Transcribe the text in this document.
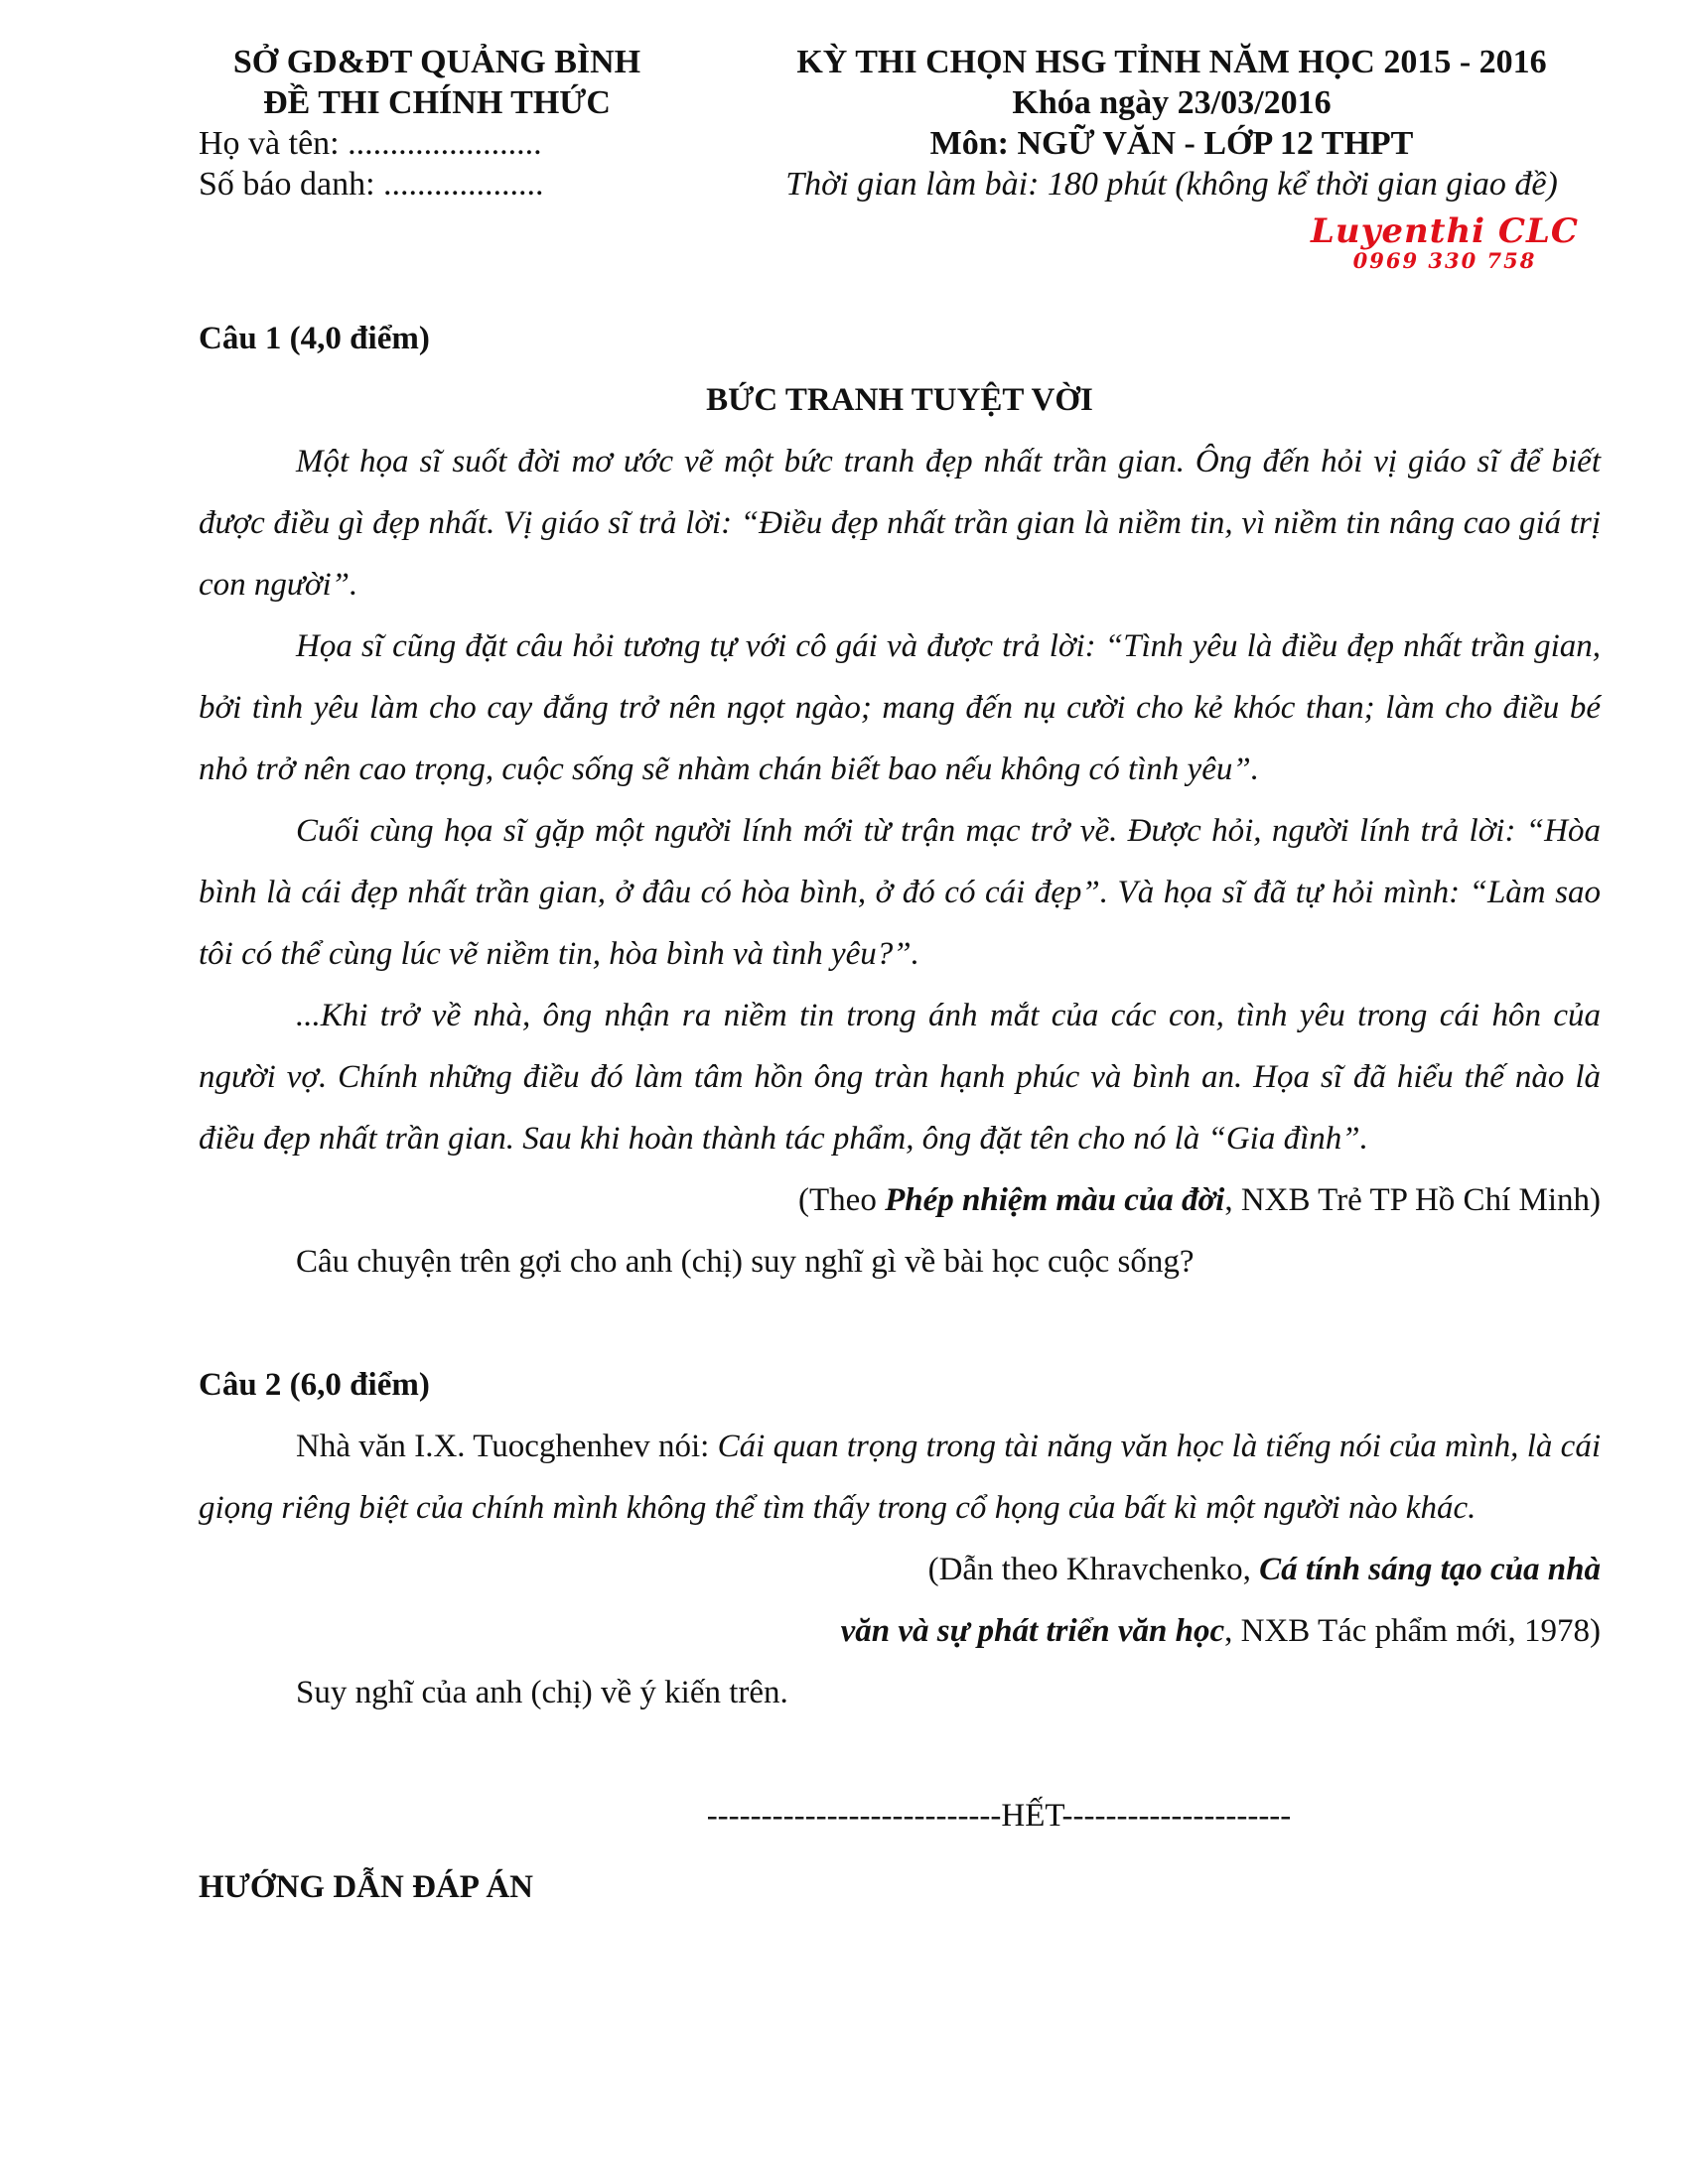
SỞ GD&ĐT QUẢNG BÌNH
ĐỀ THI CHÍNH THỨC
Họ và tên: .......................
Số báo danh: ...................
KỲ THI CHỌN HSG TỈNH NĂM HỌC 2015 - 2016
Khóa ngày 23/03/2016
Môn: NGỮ VĂN - LỚP 12 THPT
Thời gian làm bài: 180 phút (không kể thời gian giao đề)
Luyenthi CLC
0969 330 758
Câu 1 (4,0 điểm)
BỨC TRANH TUYỆT VỜI

Một họa sĩ suốt đời mơ ước vẽ một bức tranh đẹp nhất trần gian. Ông đến hỏi vị giáo sĩ để biết được điều gì đẹp nhất. Vị giáo sĩ trả lời: “Điều đẹp nhất trần gian là niềm tin, vì niềm tin nâng cao giá trị con người”.

Họa sĩ cũng đặt câu hỏi tương tự với cô gái và được trả lời: “Tình yêu là điều đẹp nhất trần gian, bởi tình yêu làm cho cay đắng trở nên ngọt ngào; mang đến nụ cười cho kẻ khóc than; làm cho điều bé nhỏ trở nên cao trọng, cuộc sống sẽ nhàm chán biết bao nếu không có tình yêu”.

Cuối cùng họa sĩ gặp một người lính mới từ trận mạc trở về. Được hỏi, người lính trả lời: “Hòa bình là cái đẹp nhất trần gian, ở đâu có hòa bình, ở đó có cái đẹp”. Và họa sĩ đã tự hỏi mình: “Làm sao tôi có thể cùng lúc vẽ niềm tin, hòa bình và tình yêu?”.

...Khi trở về nhà, ông nhận ra niềm tin trong ánh mắt của các con, tình yêu trong cái hôn của người vợ. Chính những điều đó làm tâm hồn ông tràn hạnh phúc và bình an. Họa sĩ đã hiểu thế nào là điều đẹp nhất trần gian. Sau khi hoàn thành tác phẩm, ông đặt tên cho nó là “Gia đình”.

(Theo Phép nhiệm màu của đời, NXB Trẻ TP Hồ Chí Minh)

Câu chuyện trên gợi cho anh (chị) suy nghĩ gì về bài học cuộc sống?

Câu 2 (6,0 điểm)

Nhà văn I.X. Tuocghenhev nói: Cái quan trọng trong tài năng văn học là tiếng nói của mình, là cái giọng riêng biệt của chính mình không thể tìm thấy trong cổ họng của bất kì một người nào khác.

(Dẫn theo Khravchenko, Cá tính sáng tạo của nhà
văn và sự phát triển văn học, NXB Tác phẩm mới, 1978)

Suy nghĩ của anh (chị) về ý kiến trên.

---------------------------HẾT---------------------
HƯỚNG DẪN ĐÁP ÁN
